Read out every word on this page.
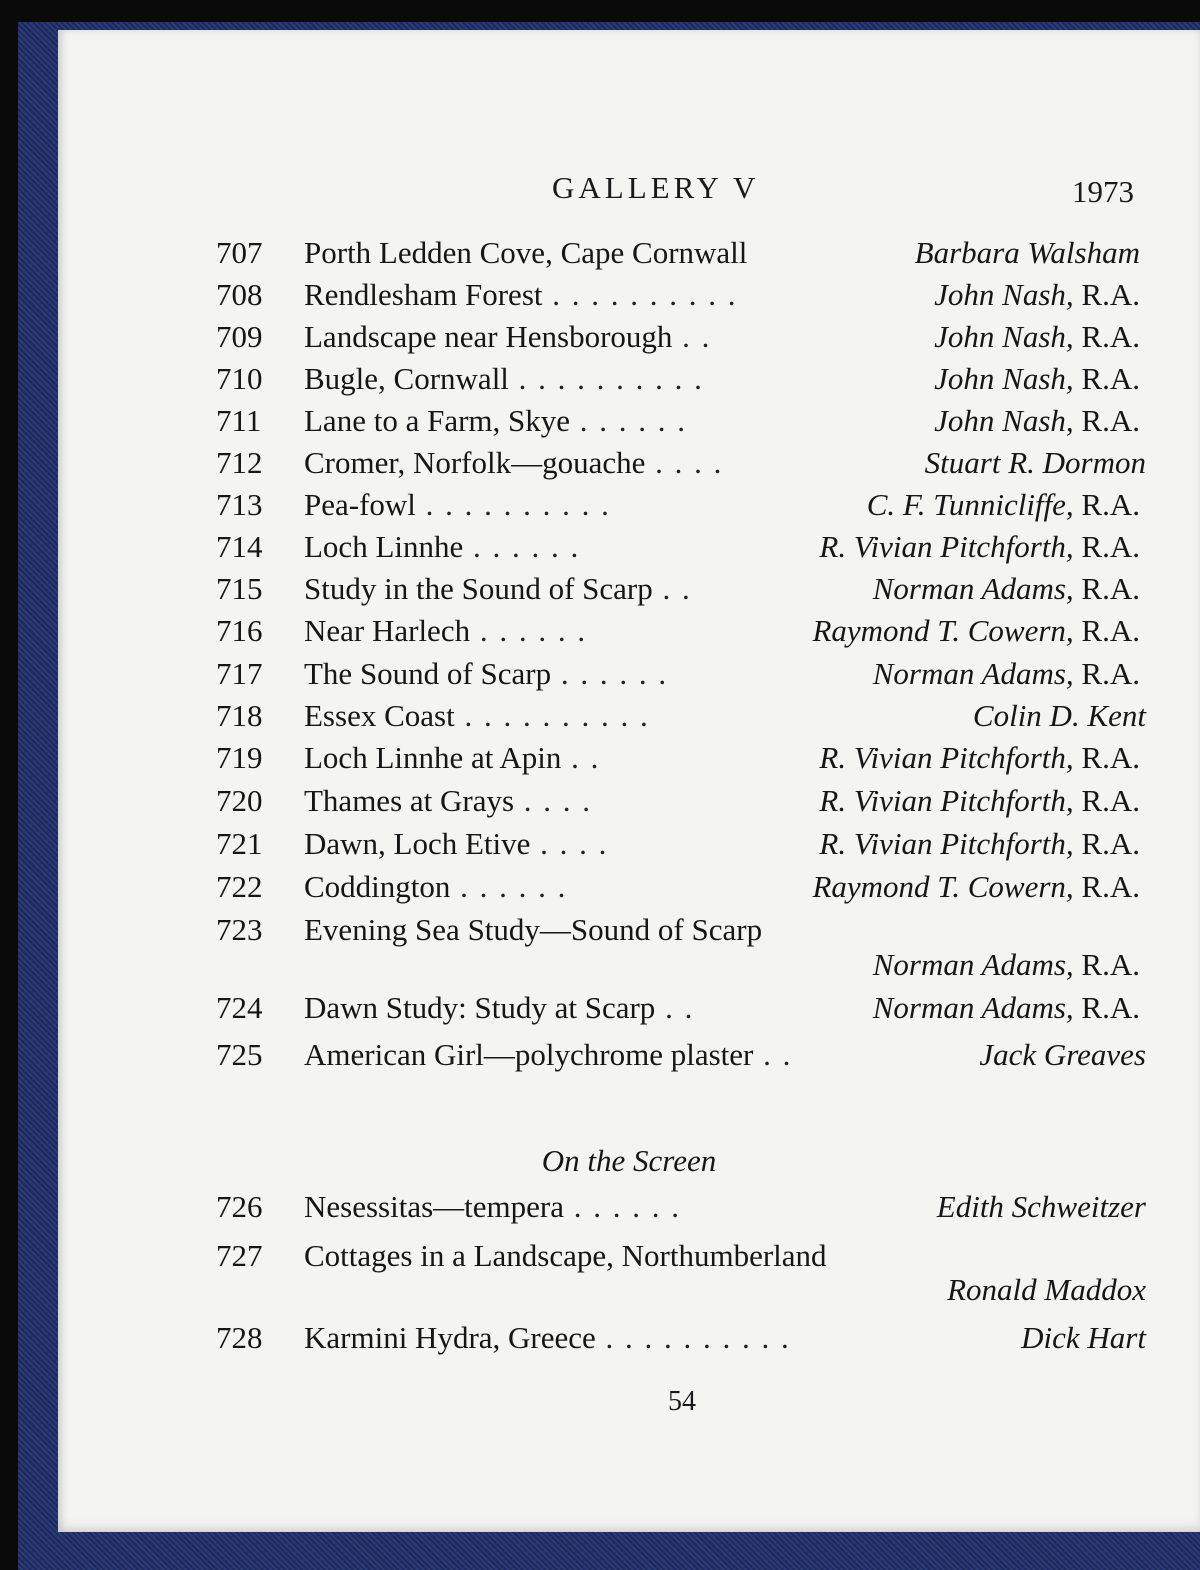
GALLERY V	1973
707 Porth Ledden Cove, Cape Cornwall	Barbara Walsham
708 Rendlesham Forest . . . . . . . . . .	John Nash, R.A.
709 Landscape near Hensborough . .	John Nash, R.A.
710 Bugle, Cornwall . . . . . . . . . .	John Nash, R.A.
711 Lane to a Farm, Skye . . . . . .	John Nash, R.A.
712 Cromer, Norfolk—gouache . . . .	Stuart R. Dormon
713 Pea-fowl . . . . . . . . . .	C. F. Tunnicliffe, R.A.
714 Loch Linnhe . . . . . .	R. Vivian Pitchforth, R.A.
715 Study in the Sound of Scarp . .	Norman Adams, R.A.
716 Near Harlech . . . . . .	Raymond T. Cowern, R.A.
717 The Sound of Scarp . . . . . .	Norman Adams, R.A.
718 Essex Coast . . . . . . . . . .	Colin D. Kent
719 Loch Linnhe at Apin . .	R. Vivian Pitchforth, R.A.
720 Thames at Grays . . . .	R. Vivian Pitchforth, R.A.
721 Dawn, Loch Etive . . . .	R. Vivian Pitchforth, R.A.
722 Coddington . . . . . .	Raymond T. Cowern, R.A.
723 Evening Sea Study—Sound of Scarp
Norman Adams, R.A.
724 Dawn Study: Study at Scarp . .	Norman Adams, R.A.
725 American Girl—polychrome plaster . .	Jack Greaves
On the Screen
726 Nesessitas—tempera . . . . . .	Edith Schweitzer
727 Cottages in a Landscape, Northumberland
Ronald Maddox
728 Karmini Hydra, Greece . . . . . . . . . .	Dick Hart
54
